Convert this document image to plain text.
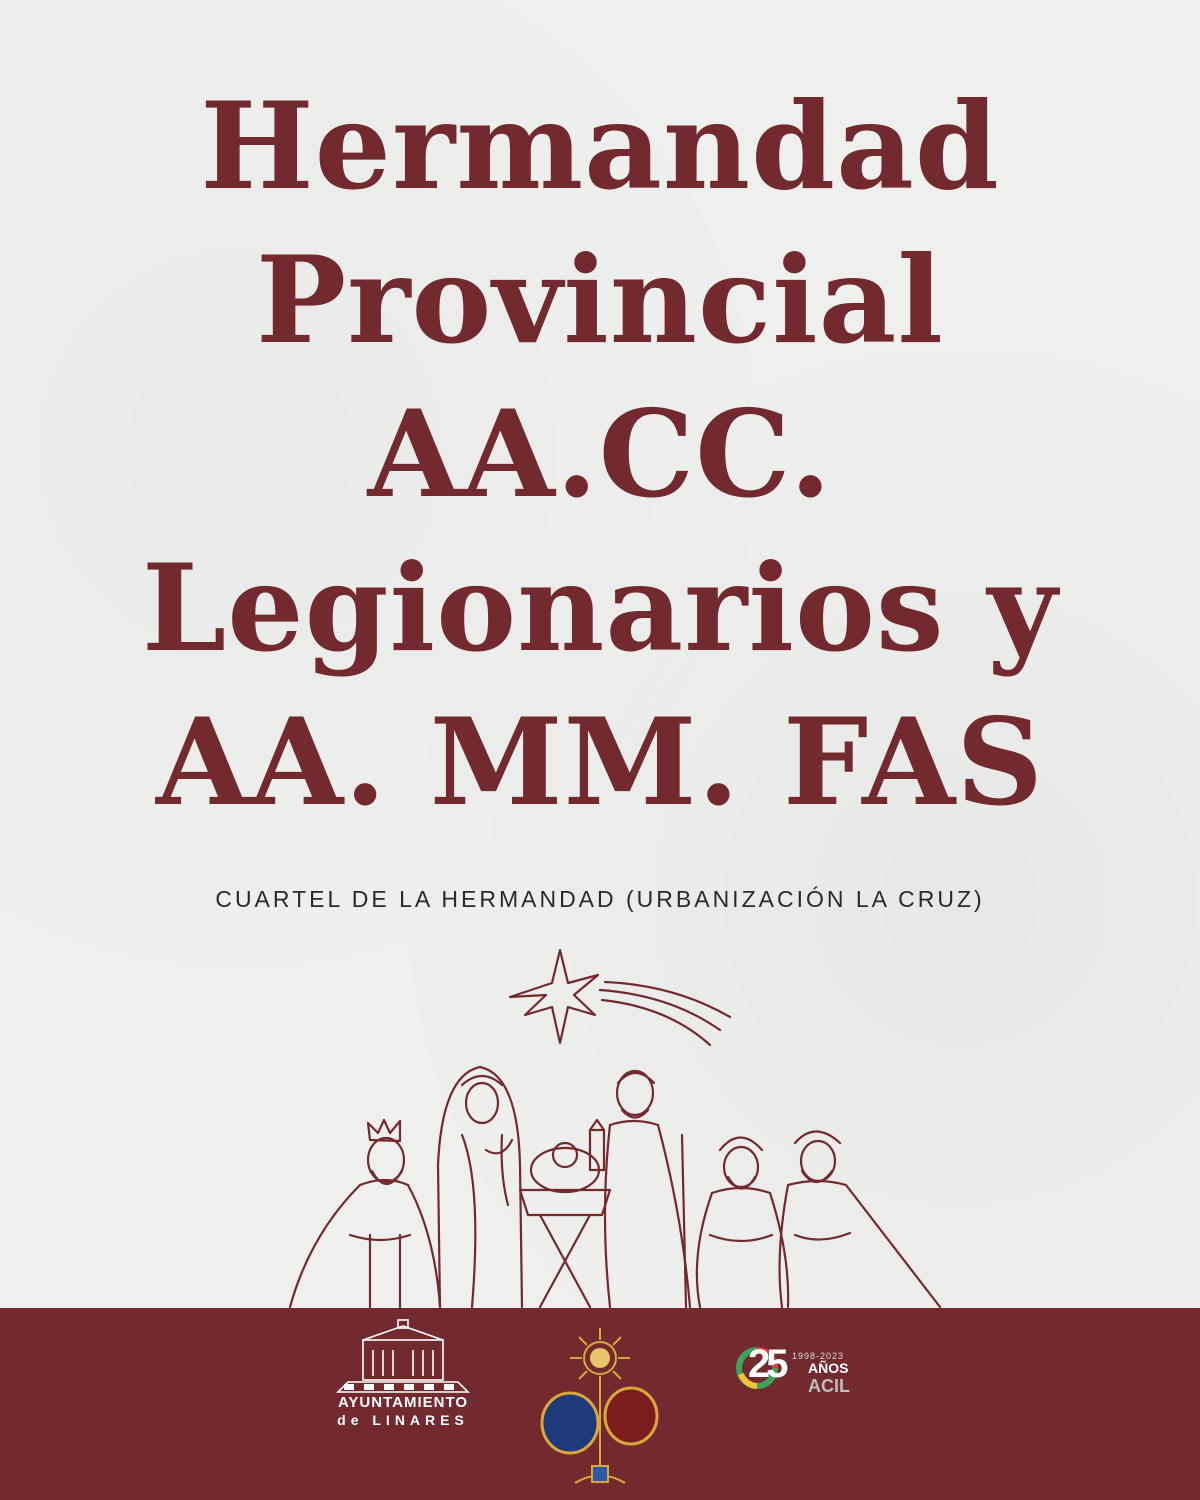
Hermandad
Provincial
AA.CC.
Legionarios y
AA. MM. FAS
CUARTEL DE LA HERMANDAD (URBANIZACIÓN LA CRUZ)
AYUNTAMIENTO
de LINARES
1998-2023
25 AÑOS
ACIL
